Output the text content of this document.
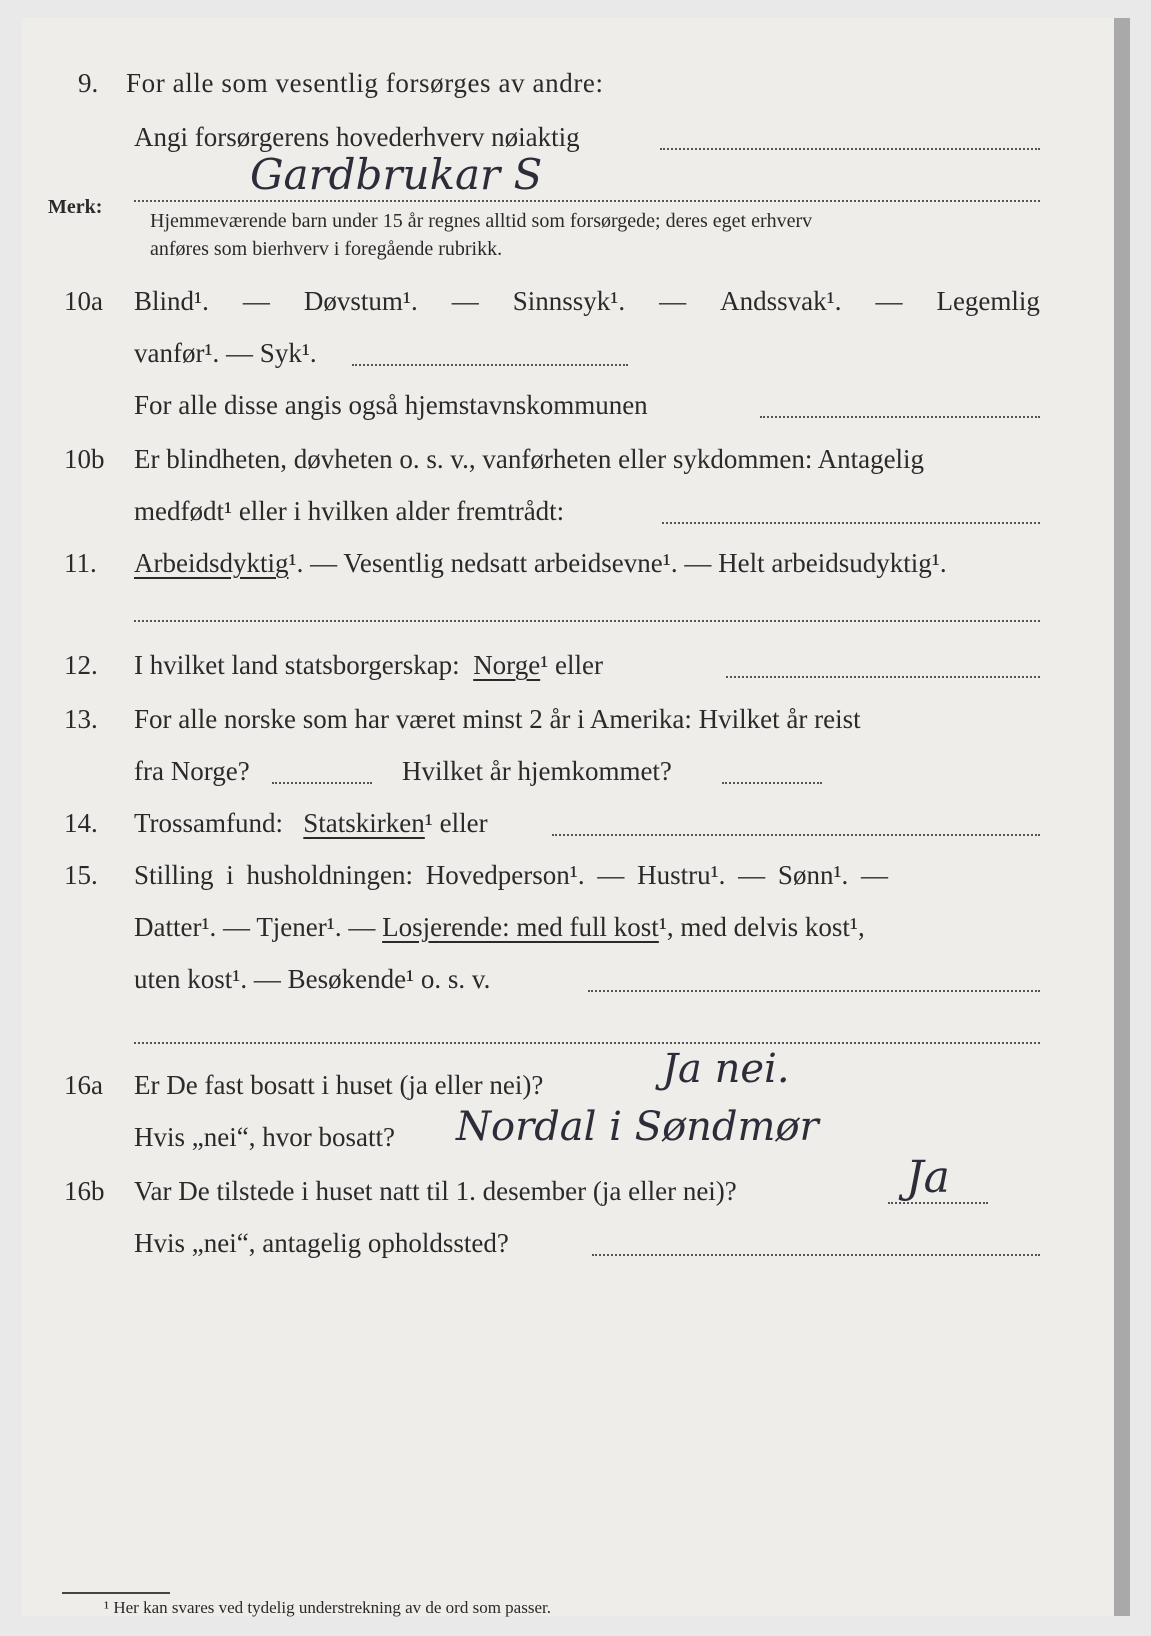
9. For alle som vesentlig forsørges av andre:
Angi forsørgerens hovederhverv nøiaktig
Gardbrukar S
Merk:
Hjemmeværende barn under 15 år regnes alltid som forsørgede; deres eget erhverv
anføres som bierhverv i foregående rubrikk.
10a Blind¹. — Døvstum¹. — Sinnssyk¹. — Andssvak¹. — Legemlig
vanfør¹. — Syk¹.
For alle disse angis også hjemstavnskommunen
10b Er blindheten, døvheten o. s. v., vanførheten eller sykdommen: Antagelig
medfødt¹ eller i hvilken alder fremtrådt:
11. Arbeidsdyktig¹. — Vesentlig nedsatt arbeidsevne¹. — Helt arbeidsudyktig¹.
12. I hvilket land statsborgerskap: Norge¹ eller
13. For alle norske som har været minst 2 år i Amerika: Hvilket år reist
fra Norge?	Hvilket år hjemkommet?
14. Trossamfund: Statskirken¹ eller
15. Stilling i husholdningen: Hovedperson¹. — Hustru¹. — Sønn¹. —
Datter¹. — Tjener¹. — Losjerende: med full kost¹, med delvis kost¹,
uten kost¹. — Besøkende¹ o. s. v.
16a Er De fast bosatt i huset (ja eller nei)?	Ja nei.
Hvis „nei“, hvor bosatt? Nordal i Søndmør
16b Var De tilstede i huset natt til 1. desember (ja eller nei)?	Ja
Hvis „nei“, antagelig opholdssted?
¹ Her kan svares ved tydelig understrekning av de ord som passer.
